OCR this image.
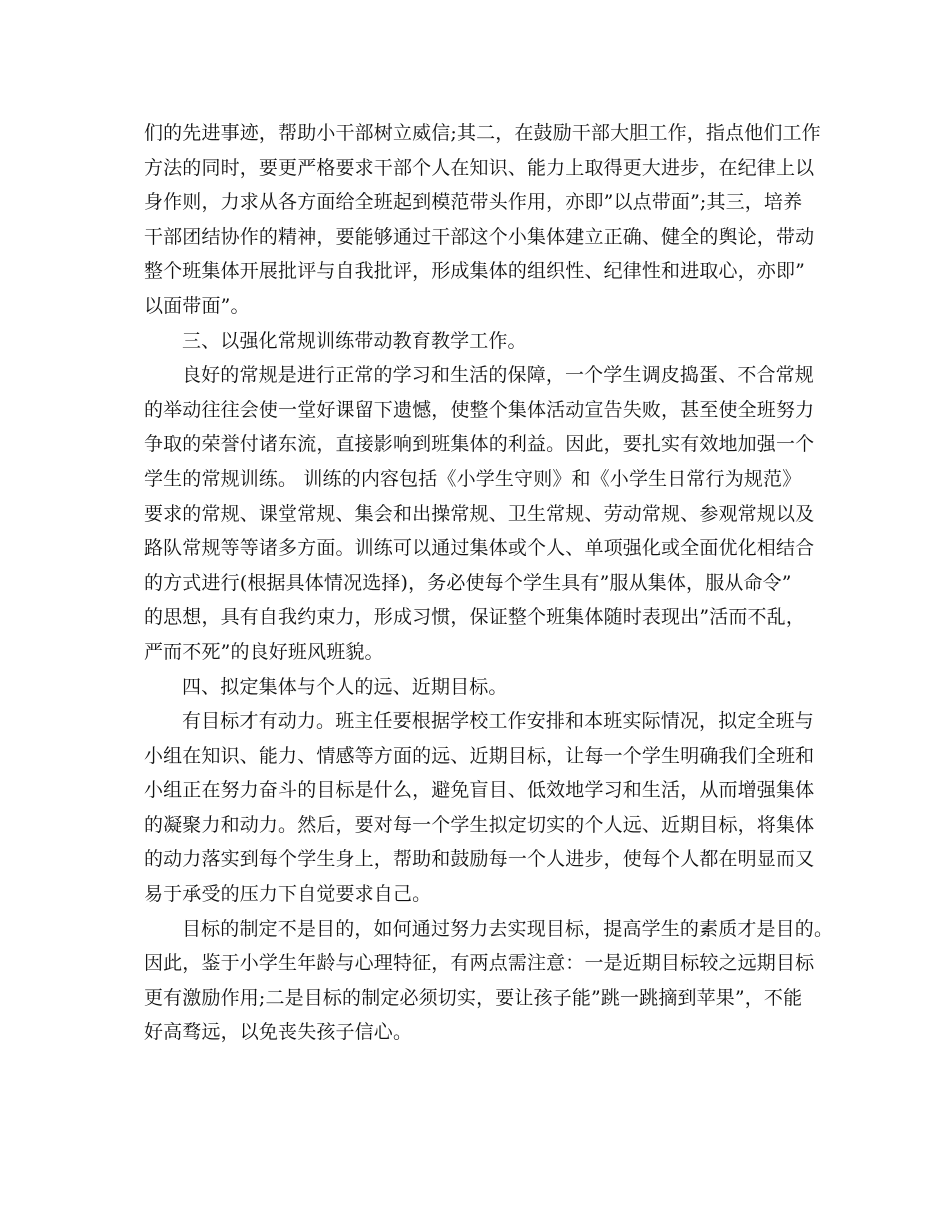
们的先进事迹，帮助小干部树立威信;其二，在鼓励干部大胆工作，指点他们工作
方法的同时，要更严格要求干部个人在知识、能力上取得更大进步，在纪律上以
身作则，力求从各方面给全班起到模范带头作用，亦即”以点带面”;其三，培养
干部团结协作的精神，要能够通过干部这个小集体建立正确、健全的舆论，带动
整个班集体开展批评与自我批评，形成集体的组织性、纪律性和进取心，亦即”
以面带面”。
三、以强化常规训练带动教育教学工作。
良好的常规是进行正常的学习和生活的保障，一个学生调皮捣蛋、不合常规
的举动往往会使一堂好课留下遗憾，使整个集体活动宣告失败，甚至使全班努力
争取的荣誉付诸东流，直接影响到班集体的利益。因此，要扎实有效地加强一个
学生的常规训练。 训练的内容包括《小学生守则》和《小学生日常行为规范》
要求的常规、课堂常规、集会和出操常规、卫生常规、劳动常规、参观常规以及
路队常规等等诸多方面。训练可以通过集体或个人、单项强化或全面优化相结合
的方式进行(根据具体情况选择)，务必使每个学生具有”服从集体，服从命令”
的思想，具有自我约束力，形成习惯，保证整个班集体随时表现出”活而不乱，
严而不死”的良好班风班貌。
四、拟定集体与个人的远、近期目标。
有目标才有动力。班主任要根据学校工作安排和本班实际情况，拟定全班与
小组在知识、能力、情感等方面的远、近期目标，让每一个学生明确我们全班和
小组正在努力奋斗的目标是什么，避免盲目、低效地学习和生活，从而增强集体
的凝聚力和动力。然后，要对每一个学生拟定切实的个人远、近期目标，将集体
的动力落实到每个学生身上，帮助和鼓励每一个人进步，使每个人都在明显而又
易于承受的压力下自觉要求自己。
目标的制定不是目的，如何通过努力去实现目标，提高学生的素质才是目的。
因此，鉴于小学生年龄与心理特征，有两点需注意：一是近期目标较之远期目标
更有激励作用;二是目标的制定必须切实，要让孩子能”跳一跳摘到苹果”，不能
好高骛远，以免丧失孩子信心。
